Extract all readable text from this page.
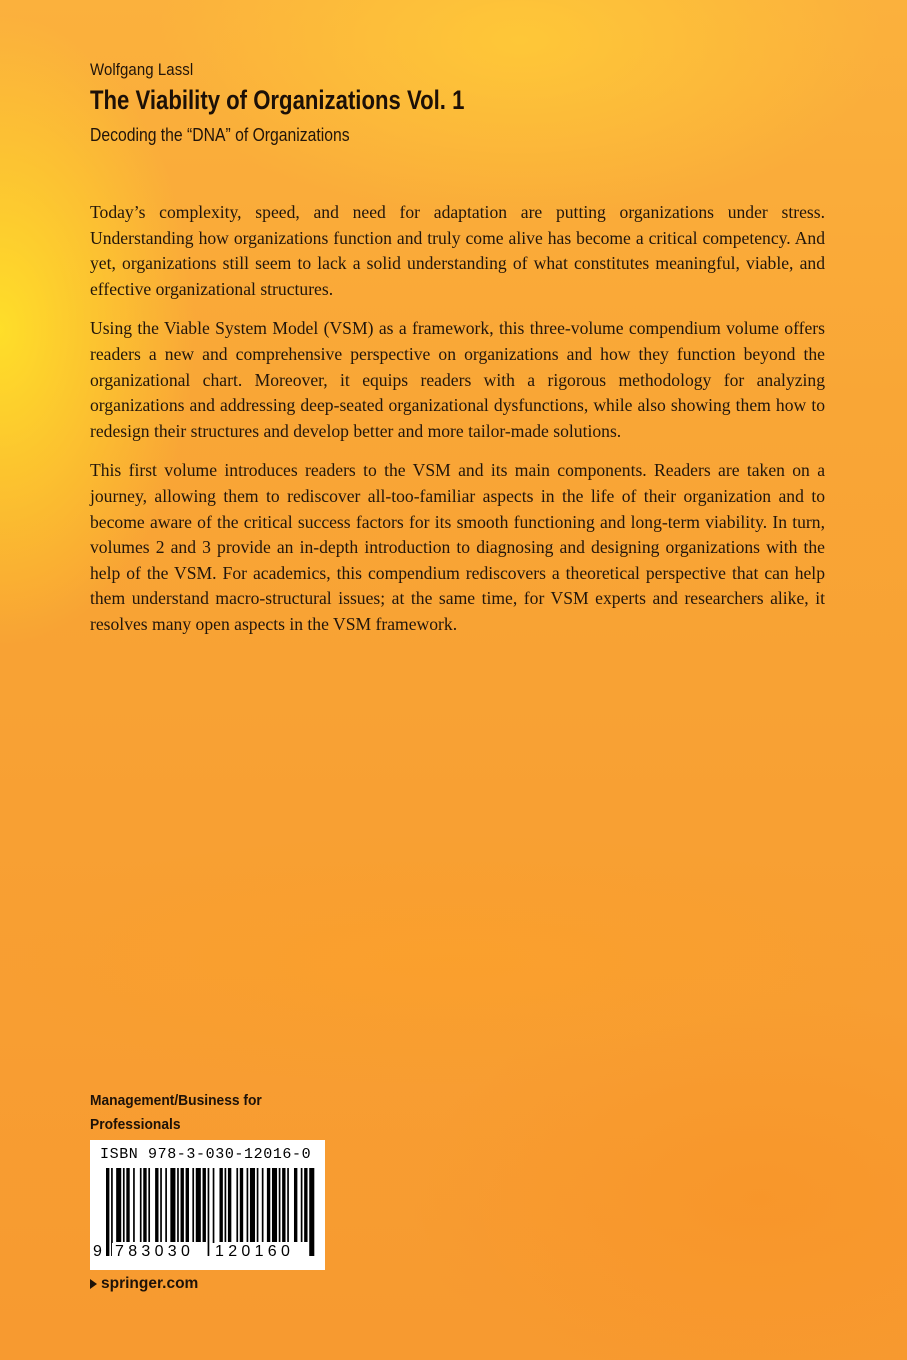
Wolfgang Lassl
The Viability of Organizations Vol. 1
Decoding the “DNA” of Organizations

Today’s complexity, speed, and need for adaptation are putting organizations under stress. Understanding how organizations function and truly come alive has become a critical competency. And yet, organizations still seem to lack a solid understanding of what constitutes meaningful, viable, and effective organizational structures.

Using the Viable System Model (VSM) as a framework, this three-volume compendium volume offers readers a new and comprehensive perspective on organizations and how they function beyond the organizational chart. Moreover, it equips readers with a rigorous methodology for analyzing organizations and addressing deep-seated organizational dysfunctions, while also showing them how to redesign their structures and develop better and more tailor-made solutions.

This first volume introduces readers to the VSM and its main components. Readers are taken on a journey, allowing them to rediscover all-too-familiar aspects in the life of their organization and to become aware of the critical success factors for its smooth functioning and long-term viability. In turn, volumes 2 and 3 provide an in-depth introduction to diagnosing and designing organizations with the help of the VSM. For academics, this compendium rediscovers a theoretical perspective that can help them understand macro-structural issues; at the same time, for VSM experts and researchers alike, it resolves many open aspects in the VSM framework.

Management/Business for
Professionals
ISBN 978-3-030-12016-0
9 783030 120160
springer.com
